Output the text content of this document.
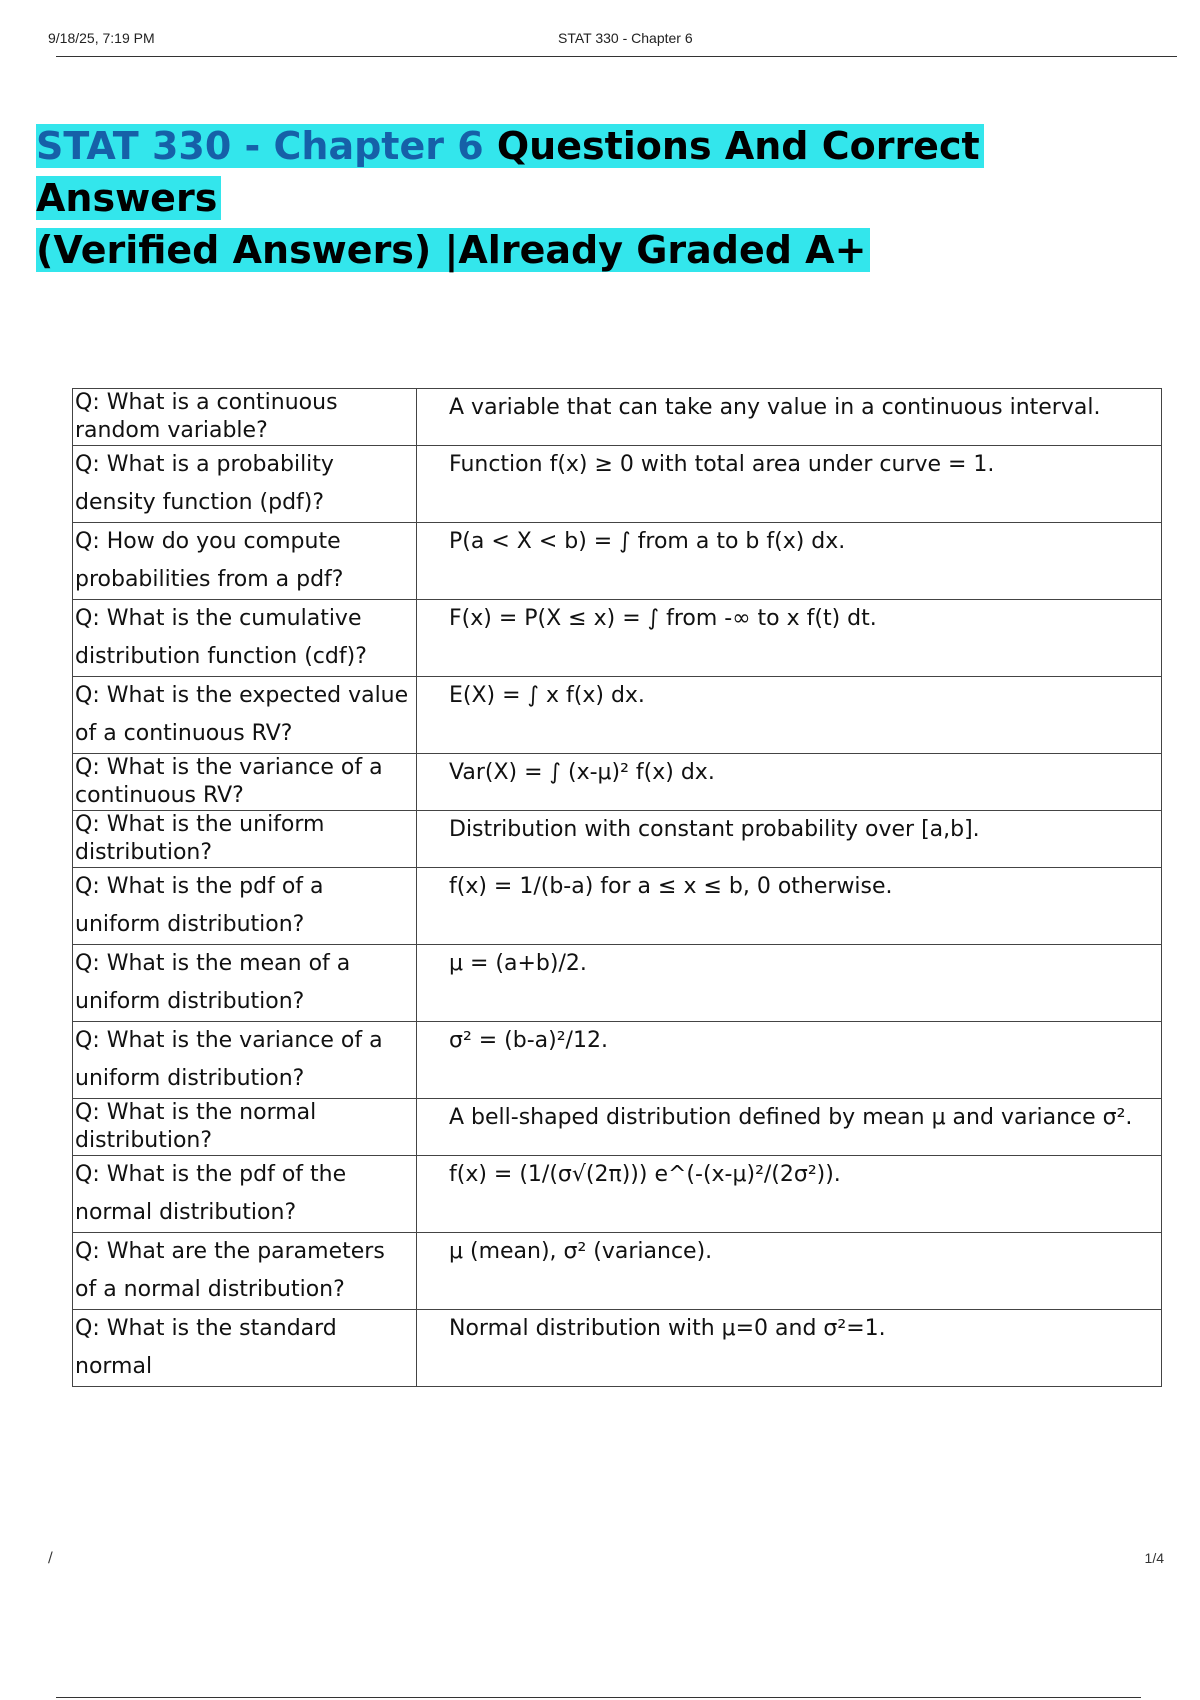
9/18/25, 7:19 PM	STAT 330 - Chapter 6
STAT 330 - Chapter 6 Questions And Correct Answers
(Verified Answers) |Already Graded A+
Q: What is a continuous random variable?	A variable that can take any value in a continuous interval.
Q: What is a probability density function (pdf)?	Function f(x) ≥ 0 with total area under curve = 1.
Q: How do you compute probabilities from a pdf?	P(a < X < b) = ∫ from a to b f(x) dx.
Q: What is the cumulative distribution function (cdf)?	F(x) = P(X ≤ x) = ∫ from -∞ to x f(t) dt.
Q: What is the expected value of a continuous RV?	E(X) = ∫ x f(x) dx.
Q: What is the variance of a continuous RV?	Var(X) = ∫ (x-μ)² f(x) dx.
Q: What is the uniform distribution?	Distribution with constant probability over [a,b].
Q: What is the pdf of a uniform distribution?	f(x) = 1/(b-a) for a ≤ x ≤ b, 0 otherwise.
Q: What is the mean of a uniform distribution?	μ = (a+b)/2.
Q: What is the variance of a uniform distribution?	σ² = (b-a)²/12.
Q: What is the normal distribution?	A bell-shaped distribution defined by mean μ and variance σ².
Q: What is the pdf of the normal distribution?	f(x) = (1/(σ√(2π))) e^(-(x-μ)²/(2σ²)).
Q: What are the parameters of a normal distribution?	μ (mean), σ² (variance).
Q: What is the standard normal	Normal distribution with μ=0 and σ²=1.
/	1/4
